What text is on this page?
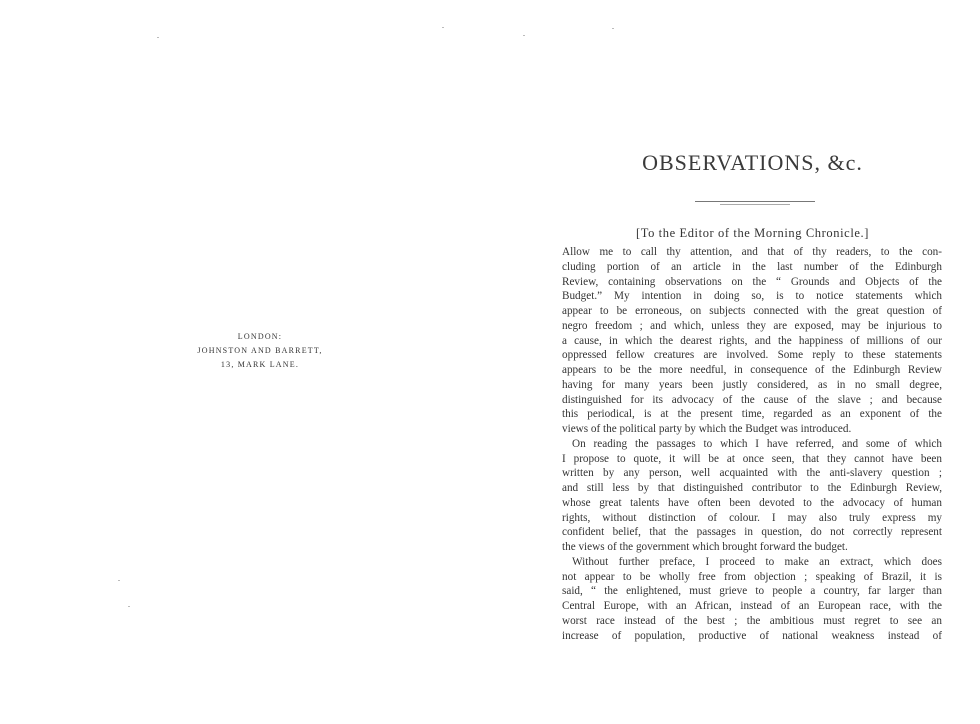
LONDON:
JOHNSTON AND BARRETT,
13, MARK LANE.
OBSERVATIONS, &c.
[To the Editor of the Morning Chronicle.]
Allow me to call thy attention, and that of thy readers, to the con-
cluding portion of an article in the last number of the Edinburgh
Review, containing observations on the “ Grounds and Objects of the
Budget.” My intention in doing so, is to notice statements which
appear to be erroneous, on subjects connected with the great question of
negro freedom ; and which, unless they are exposed, may be injurious to
a cause, in which the dearest rights, and the happiness of millions of our
oppressed fellow creatures are involved. Some reply to these statements
appears to be the more needful, in consequence of the Edinburgh Review
having for many years been justly considered, as in no small degree,
distinguished for its advocacy of the cause of the slave ; and because
this periodical, is at the present time, regarded as an exponent of the
views of the political party by which the Budget was introduced.
On reading the passages to which I have referred, and some of which
I propose to quote, it will be at once seen, that they cannot have been
written by any person, well acquainted with the anti-slavery question ;
and still less by that distinguished contributor to the Edinburgh Review,
whose great talents have often been devoted to the advocacy of human
rights, without distinction of colour. I may also truly express my
confident belief, that the passages in question, do not correctly represent
the views of the government which brought forward the budget.
Without further preface, I proceed to make an extract, which does
not appear to be wholly free from objection ; speaking of Brazil, it is
said, “ the enlightened, must grieve to people a country, far larger than
Central Europe, with an African, instead of an European race, with the
worst race instead of the best ; the ambitious must regret to see an
increase of population, productive of national weakness instead of
